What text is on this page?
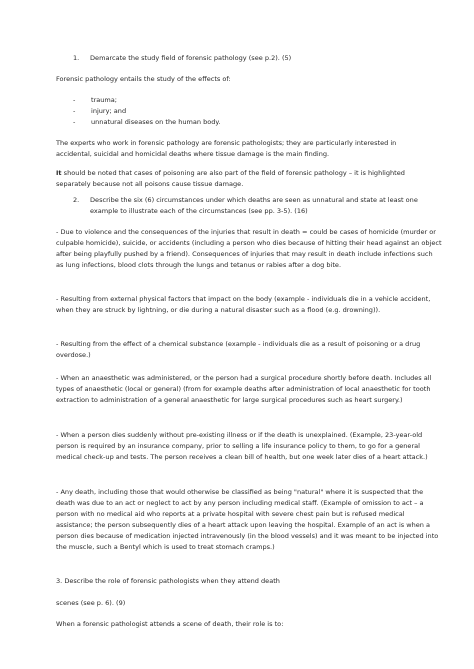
1. Demarcate the study field of forensic pathology (see p.2). (5)
Forensic pathology entails the study of the effects of:
- trauma;
- injury; and
- unnatural diseases on the human body.
The experts who work in forensic pathology are forensic pathologists; they are particularly interested in accidental, suicidal and homicidal deaths where tissue damage is the main finding.
It should be noted that cases of poisoning are also part of the field of forensic pathology – it is highlighted separately because not all poisons cause tissue damage.
2. Describe the six (6) circumstances under which deaths are seen as unnatural and state at least one example to illustrate each of the circumstances (see pp. 3-5). (16)
- Due to violence and the consequences of the injuries that result in death = could be cases of homicide (murder or culpable homicide), suicide, or accidents (including a person who dies because of hitting their head against an object after being playfully pushed by a friend). Consequences of injuries that may result in death include infections such as lung infections, blood clots through the lungs and tetanus or rabies after a dog bite.
- Resulting from external physical factors that impact on the body (example - individuals die in a vehicle accident, when they are struck by lightning, or die during a natural disaster such as a flood (e.g. drowning)).
- Resulting from the effect of a chemical substance (example - individuals die as a result of poisoning or a drug overdose.)
- When an anaesthetic was administered, or the person had a surgical procedure shortly before death. Includes all types of anaesthetic (local or general) (from for example deaths after administration of local anaesthetic for tooth extraction to administration of a general anaesthetic for large surgical procedures such as heart surgery.)
- When a person dies suddenly without pre-existing illness or if the death is unexplained. (Example, 23-year-old person is required by an insurance company, prior to selling a life insurance policy to them, to go for a general medical check-up and tests. The person receives a clean bill of health, but one week later dies of a heart attack.)
- Any death, including those that would otherwise be classified as being "natural" where it is suspected that the death was due to an act or neglect to act by any person including medical staff. (Example of omission to act – a person with no medical aid who reports at a private hospital with severe chest pain but is refused medical assistance; the person subsequently dies of a heart attack upon leaving the hospital. Example of an act is when a person dies because of medication injected intravenously (in the blood vessels) and it was meant to be injected into the muscle, such a Bentyl which is used to treat stomach cramps.)
3. Describe the role of forensic pathologists when they attend death
scenes (see p. 6). (9)
When a forensic pathologist attends a scene of death, their role is to:
